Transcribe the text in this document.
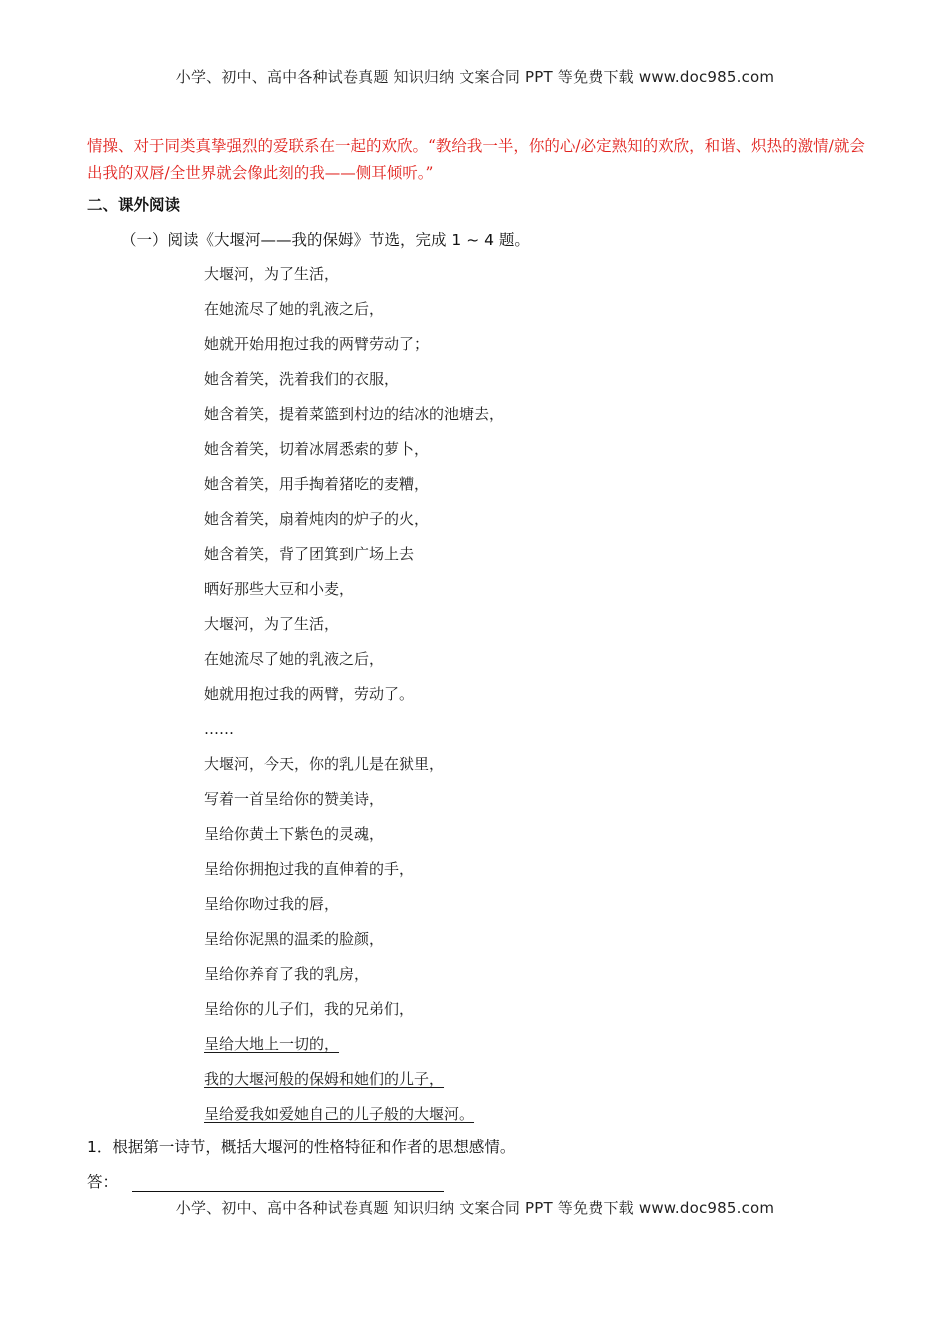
小学、初中、高中各种试卷真题 知识归纳 文案合同 PPT 等免费下载 www.doc985.com
情操、对于同类真挚强烈的爱联系在一起的欢欣。“教给我一半，你的心/必定熟知的欢欣，和谐、炽热的激情/就会出我的双唇/全世界就会像此刻的我——侧耳倾听。”
二、课外阅读
（一）阅读《大堰河——我的保姆》节选，完成 1 ~ 4 题。
大堰河，为了生活，
在她流尽了她的乳液之后，
她就开始用抱过我的两臂劳动了；
她含着笑，洗着我们的衣服，
她含着笑，提着菜篮到村边的结冰的池塘去，
她含着笑，切着冰屑悉索的萝卜，
她含着笑，用手掏着猪吃的麦糟，
她含着笑，扇着炖肉的炉子的火，
她含着笑，背了团箕到广场上去
晒好那些大豆和小麦，
大堰河，为了生活，
在她流尽了她的乳液之后，
她就用抱过我的两臂，劳动了。
……
大堰河，今天，你的乳儿是在狱里，
写着一首呈给你的赞美诗，
呈给你黄土下紫色的灵魂，
呈给你拥抱过我的直伸着的手，
呈给你吻过我的唇，
呈给你泥黑的温柔的脸颜，
呈给你养育了我的乳房，
呈给你的儿子们，我的兄弟们，
呈给大地上一切的，
我的大堰河般的保姆和她们的儿子，
呈给爱我如爱她自己的儿子般的大堰河。
1．根据第一诗节，概括大堰河的性格特征和作者的思想感情。
答：
小学、初中、高中各种试卷真题 知识归纳 文案合同 PPT 等免费下载 www.doc985.com
